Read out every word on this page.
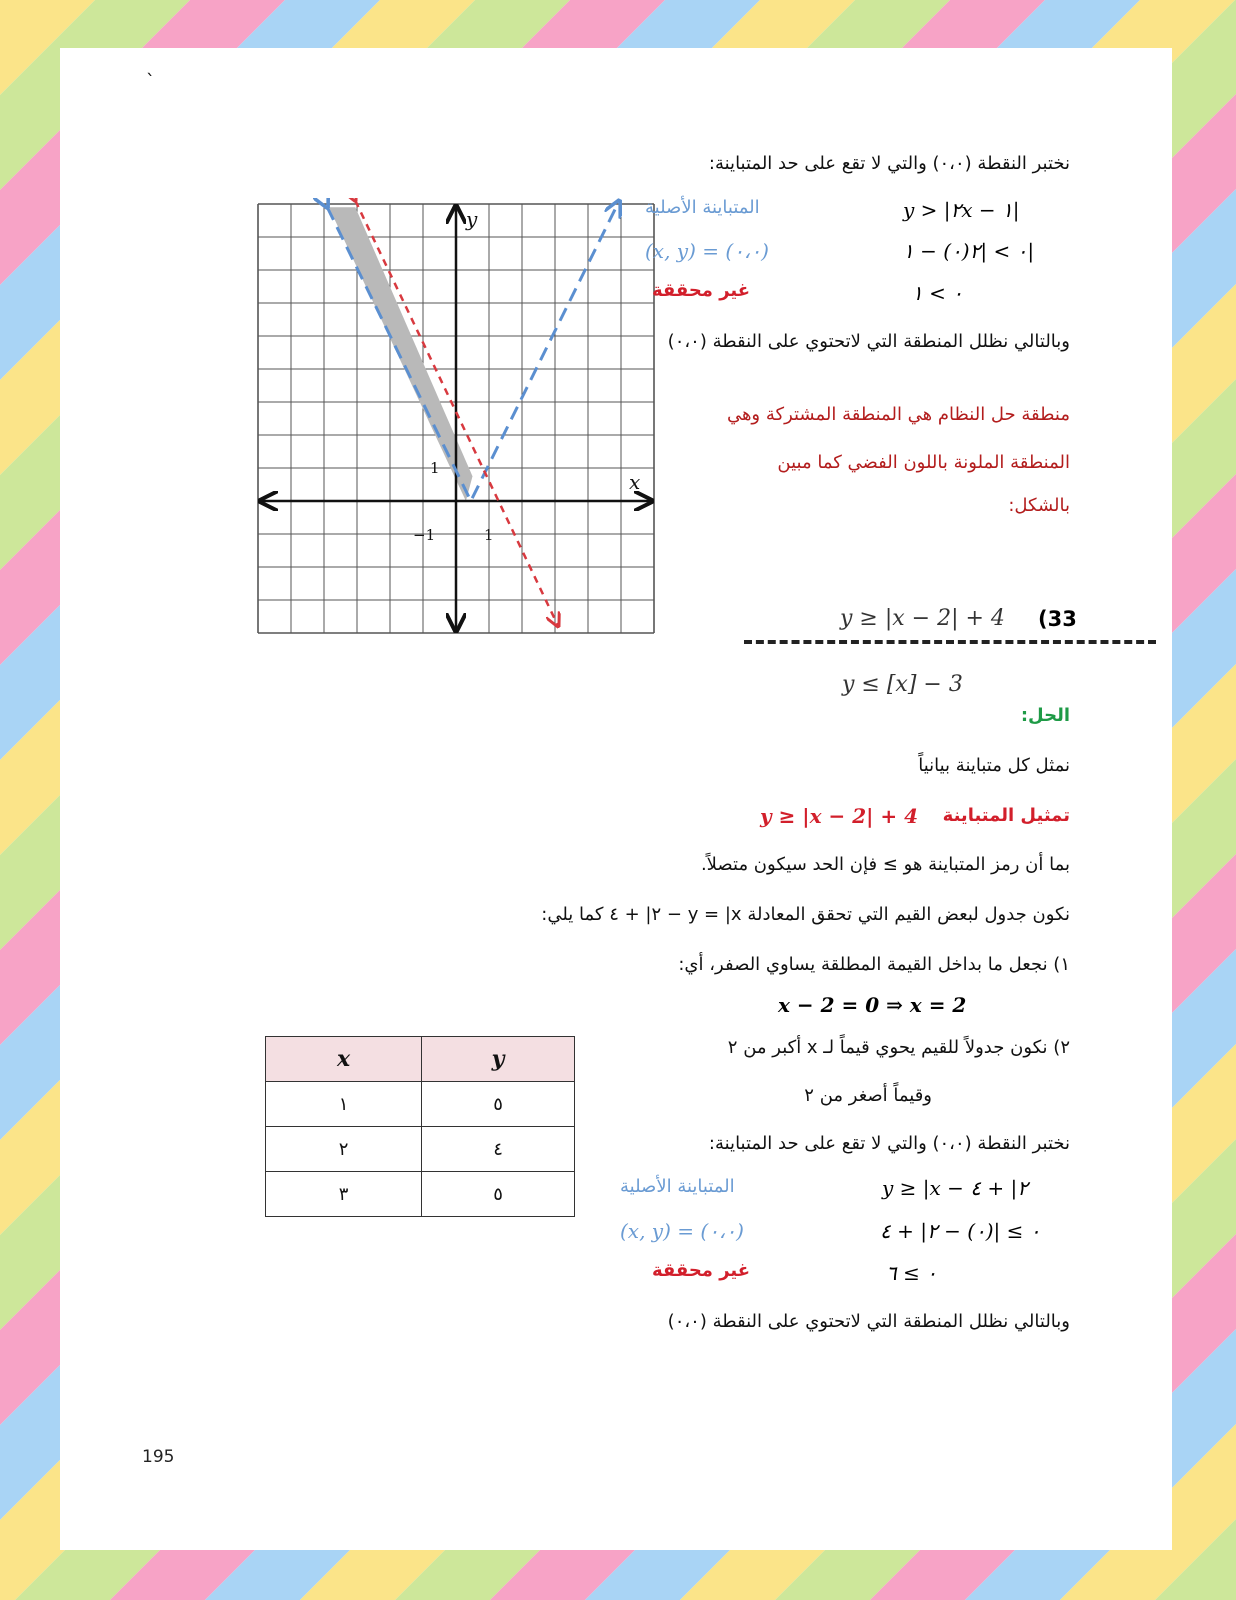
`
y
x
−1	1
1
نختبر النقطة (٠،٠) والتي لا تقع على حد المتباينة:
y > |٢x − ١|
المتباينة الأصلية
(x, y) = (٠،٠)	٠ > |٢(٠) − ١|
غير محققة	٠ > ١
وبالتالي نظلل المنطقة التي لاتحتوي على النقطة (٠،٠)
منطقة حل النظام هي المنطقة المشتركة وهي
المنطقة الملونة باللون الفضي كما مبين
بالشكل:
(33
y ≥ |x − 2| + 4
y ≤ [x] − 3
الحل:
نمثل كل متباينة بيانياً
تمثيل المتباينة
y ≥ |x − 2| + 4
بما أن رمز المتباينة هو ≥ فإن الحد سيكون متصلاً.
نكون جدول لبعض القيم التي تحقق المعادلة y = |x − ٢| + ٤ كما يلي:
١) نجعل ما بداخل القيمة المطلقة يساوي الصفر، أي:
x − 2 = 0 ⇒ x = 2
٢) نكون جدولاً للقيم يحوي قيماً لـ x أكبر من ٢
وقيماً أصغر من ٢
x	y
١	٥
٢	٤
٣	٥
نختبر النقطة (٠،٠) والتي لا تقع على حد المتباينة:
y ≥ |x − ٢| + ٤
المتباينة الأصلية
(x, y) = (٠،٠)	٠ ≥ |(٠) − ٢| + ٤
غير محققة	٠ ≥ ٦
وبالتالي نظلل المنطقة التي لاتحتوي على النقطة (٠،٠)
195
